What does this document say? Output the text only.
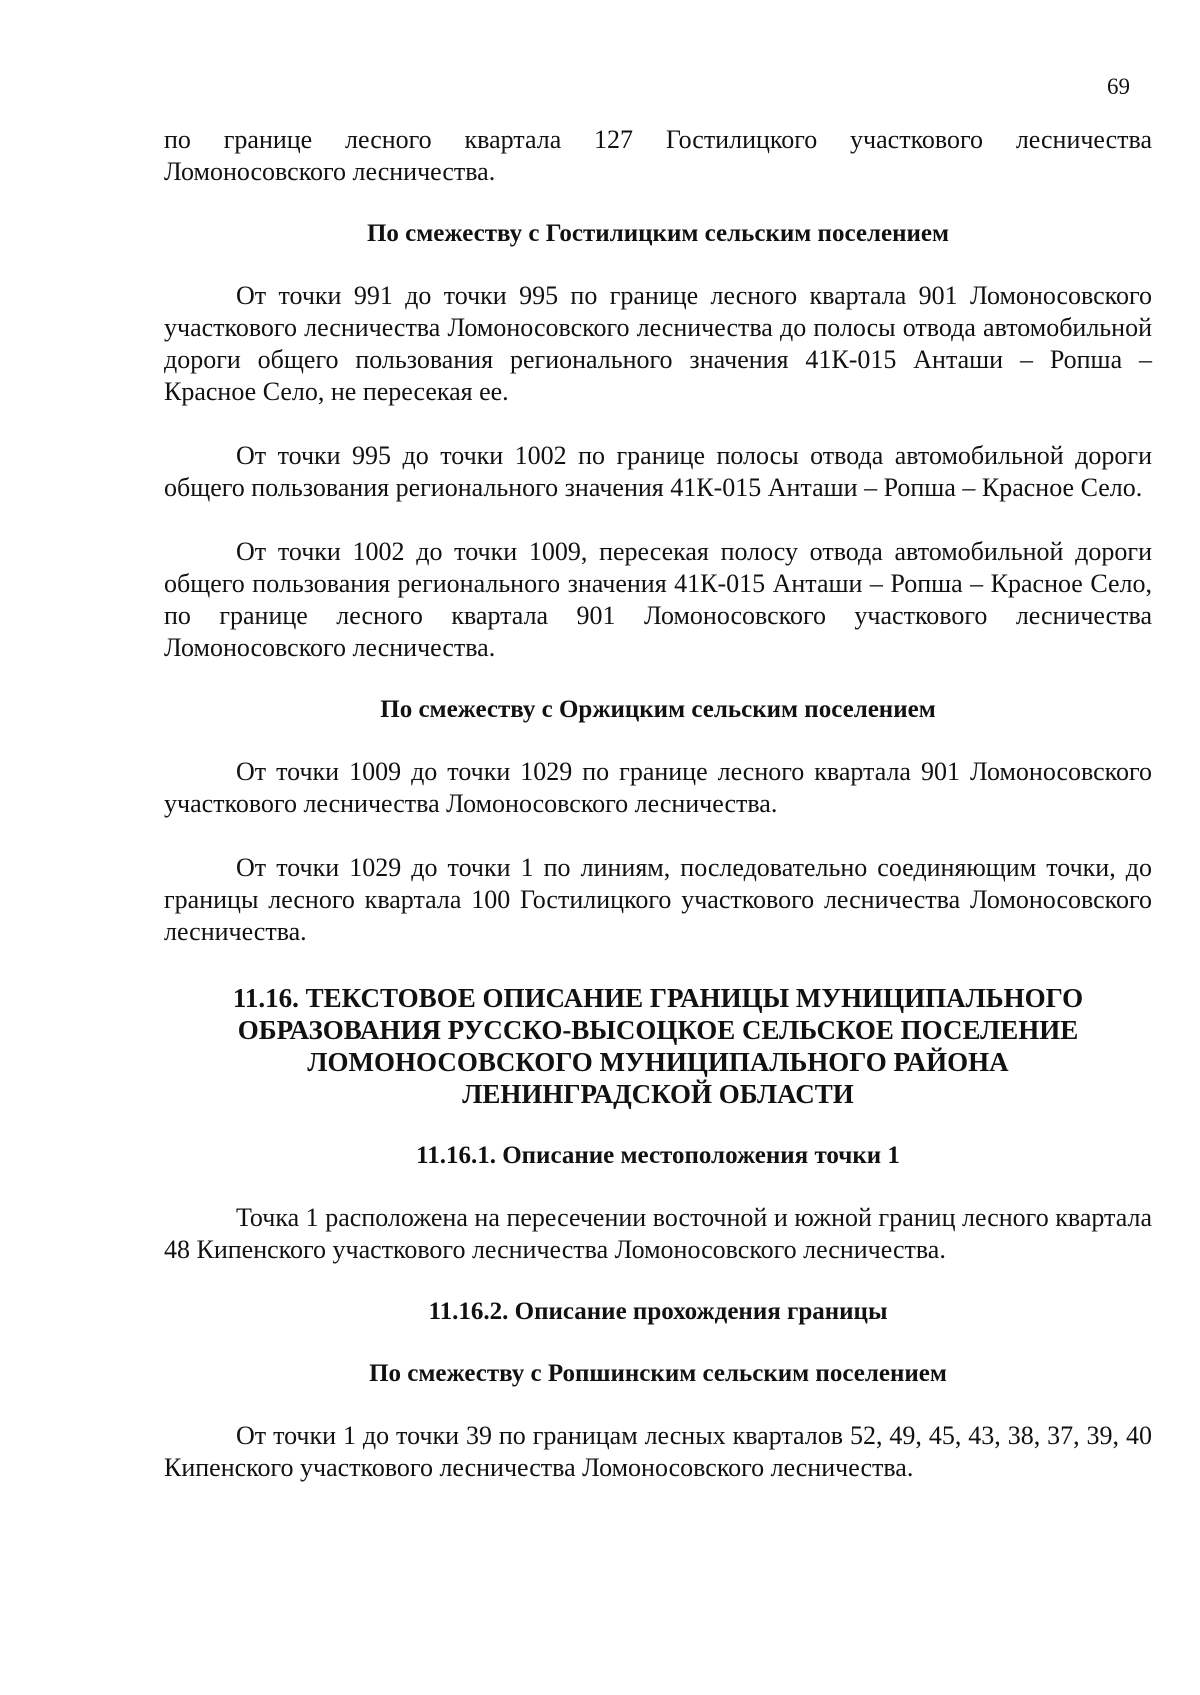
69

по границе лесного квартала 127 Гостилицкого участкового лесничества Ломоносовского лесничества.

По смежеству с Гостилицким сельским поселением

От точки 991 до точки 995 по границе лесного квартала 901 Ломоносовского участкового лесничества Ломоносовского лесничества до полосы отвода автомобильной дороги общего пользования регионального значения 41К-015 Анташи – Ропша – Красное Село, не пересекая ее.

От точки 995 до точки 1002 по границе полосы отвода автомобильной дороги общего пользования регионального значения 41К-015 Анташи – Ропша – Красное Село.

От точки 1002 до точки 1009, пересекая полосу отвода автомобильной дороги общего пользования регионального значения 41К-015 Анташи – Ропша – Красное Село, по границе лесного квартала 901 Ломоносовского участкового лесничества Ломоносовского лесничества.

По смежеству с Оржицким сельским поселением

От точки 1009 до точки 1029 по границе лесного квартала 901 Ломоносовского участкового лесничества Ломоносовского лесничества.

От точки 1029 до точки 1 по линиям, последовательно соединяющим точки, до границы лесного квартала 100 Гостилицкого участкового лесничества Ломоносовского лесничества.

11.16. ТЕКСТОВОЕ ОПИСАНИЕ ГРАНИЦЫ МУНИЦИПАЛЬНОГО

ОБРАЗОВАНИЯ РУССКО-ВЫСОЦКОЕ СЕЛЬСКОЕ ПОСЕЛЕНИЕ

ЛОМОНОСОВСКОГО МУНИЦИПАЛЬНОГО РАЙОНА

ЛЕНИНГРАДСКОЙ ОБЛАСТИ

11.16.1. Описание местоположения точки 1

Точка 1 расположена на пересечении восточной и южной границ лесного квартала 48 Кипенского участкового лесничества Ломоносовского лесничества.

11.16.2. Описание прохождения границы

По смежеству с Ропшинским сельским поселением

От точки 1 до точки 39 по границам лесных кварталов 52, 49, 45, 43, 38, 37, 39, 40 Кипенского участкового лесничества Ломоносовского лесничества.
